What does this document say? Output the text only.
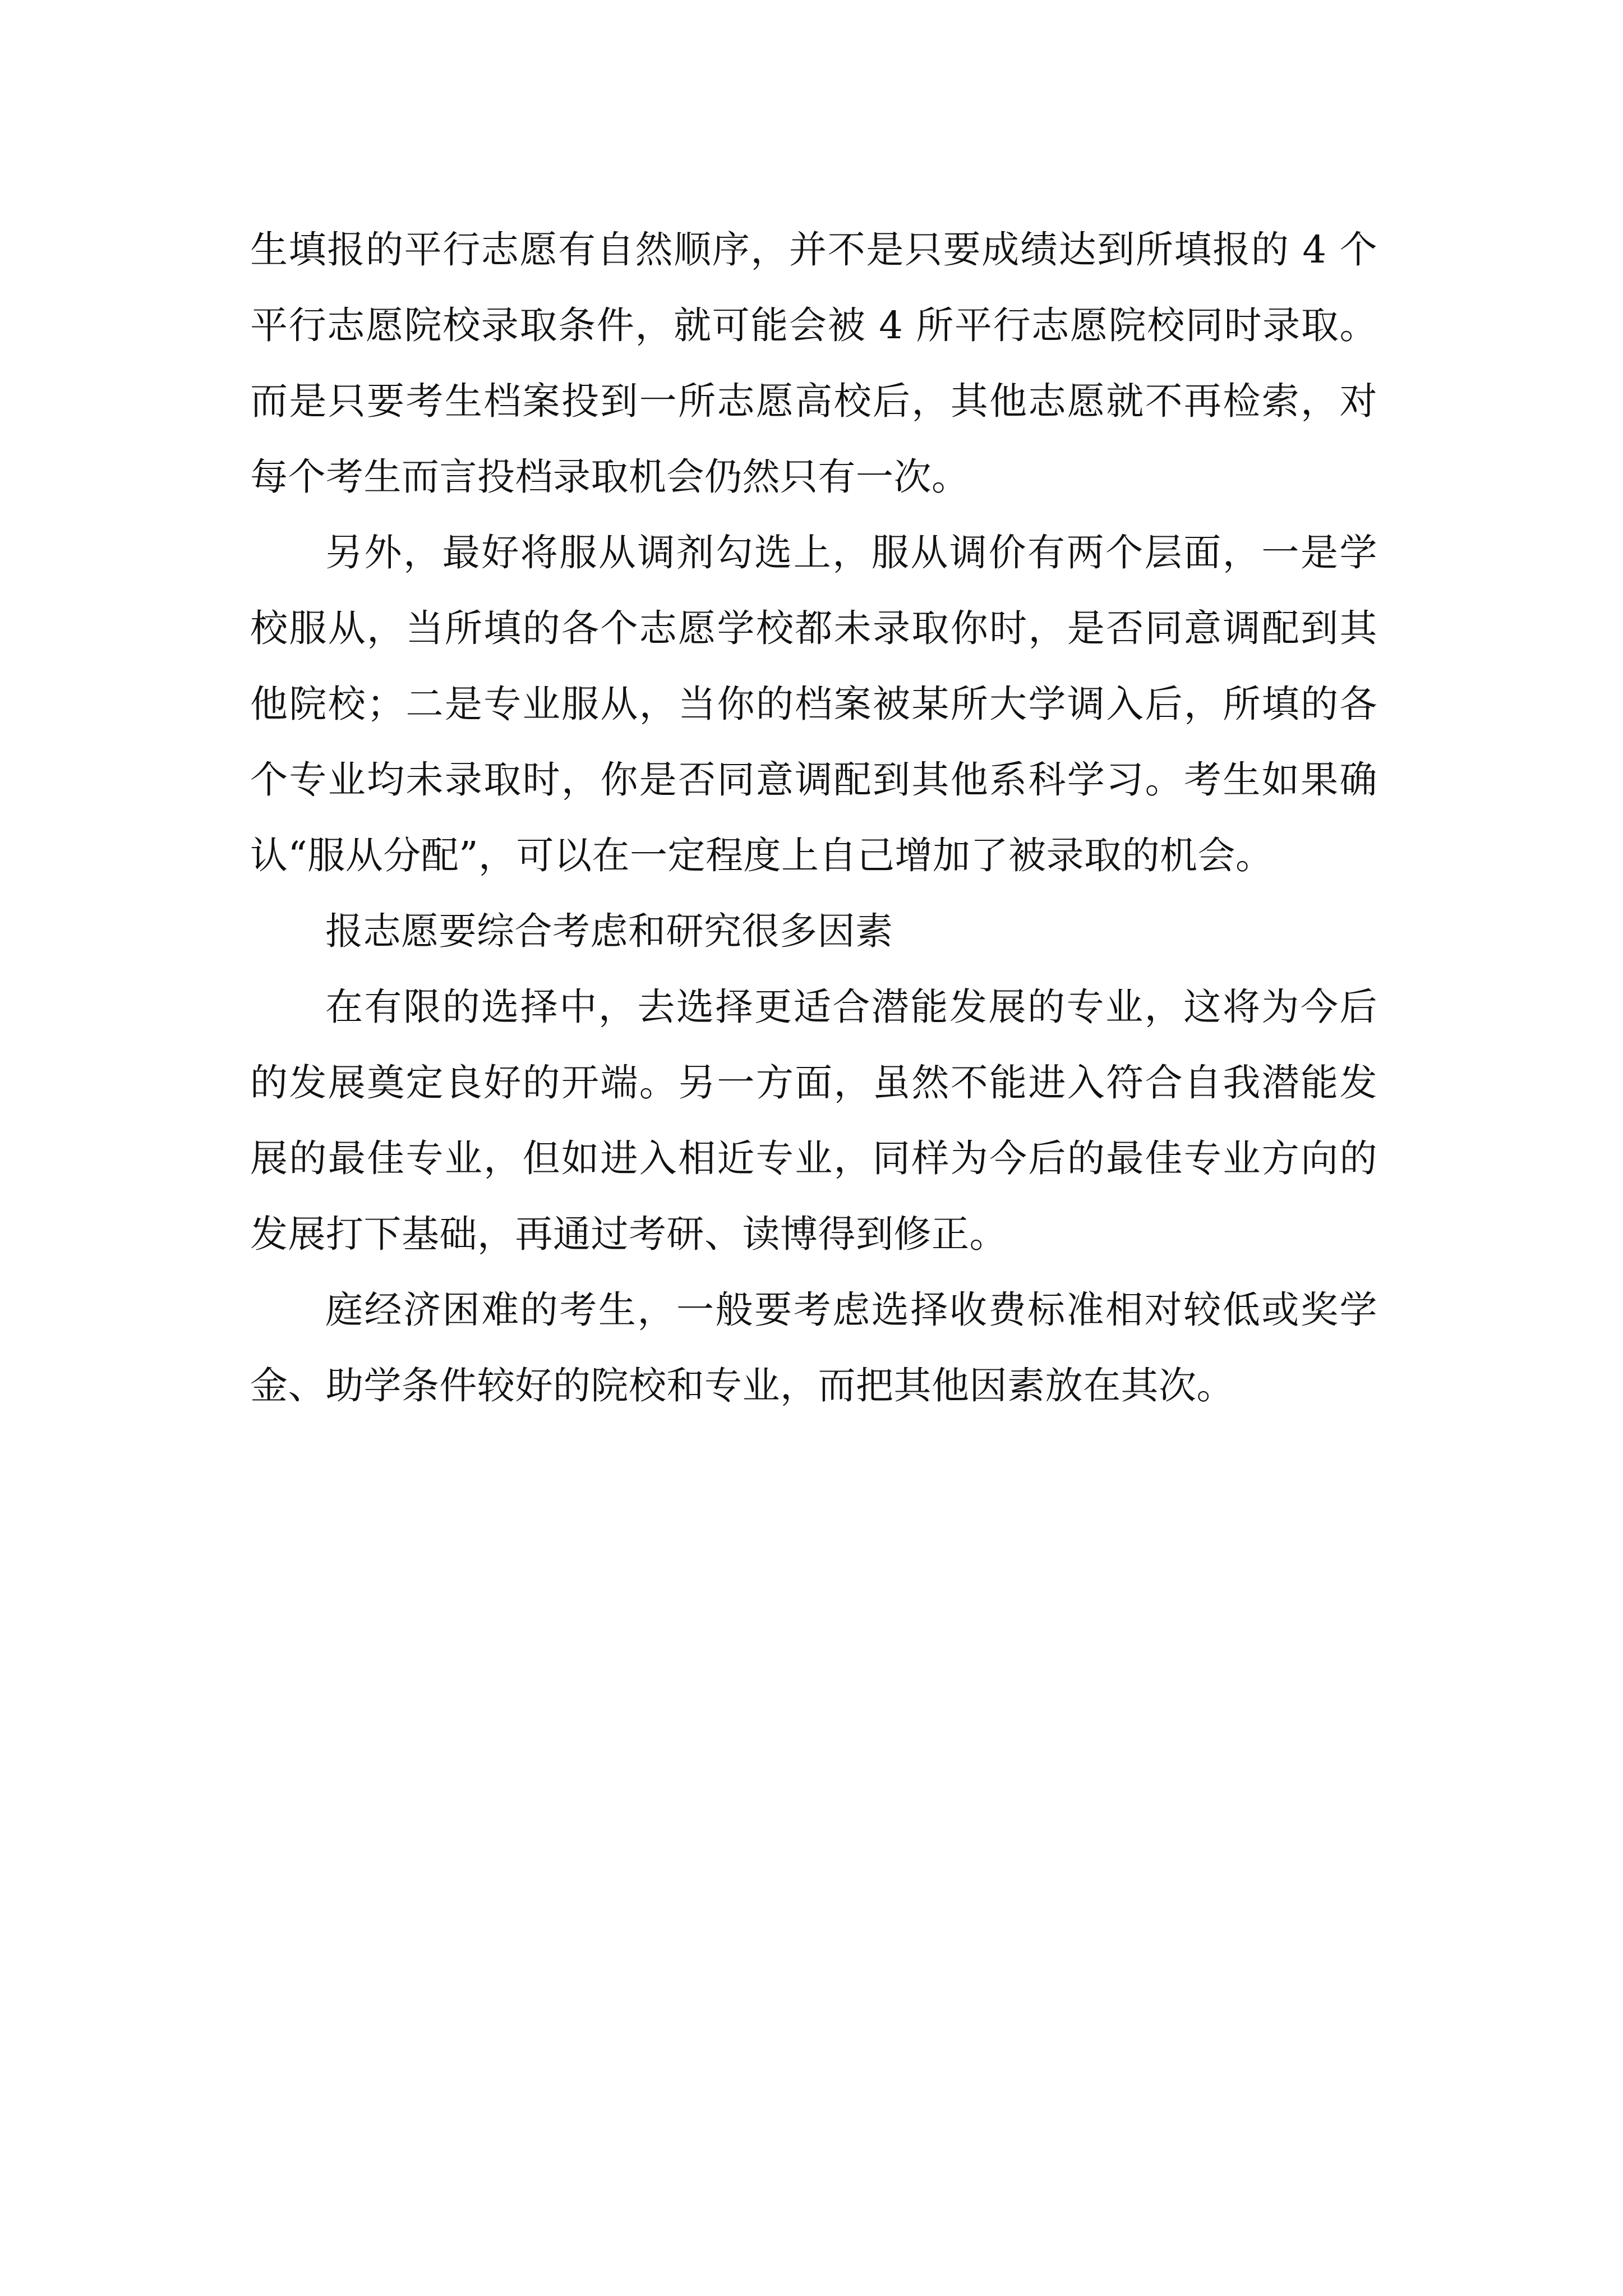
生填报的平行志愿有自然顺序，并不是只要成绩达到所填报的 4 个平行志愿院校录取条件，就可能会被 4 所平行志愿院校同时录取。而是只要考生档案投到一所志愿高校后，其他志愿就不再检索，对每个考生而言投档录取机会仍然只有一次。

另外，最好将服从调剂勾选上，服从调价有两个层面，一是学校服从，当所填的各个志愿学校都未录取你时，是否同意调配到其他院校；二是专业服从，当你的档案被某所大学调入后，所填的各个专业均未录取时，你是否同意调配到其他系科学习。考生如果确认“服从分配”，可以在一定程度上自己增加了被录取的机会。

报志愿要综合考虑和研究很多因素

在有限的选择中，去选择更适合潜能发展的专业，这将为今后的发展奠定良好的开端。另一方面，虽然不能进入符合自我潜能发展的最佳专业，但如进入相近专业，同样为今后的最佳专业方向的发展打下基础，再通过考研、读博得到修正。

庭经济困难的考生，一般要考虑选择收费标准相对较低或奖学金、助学条件较好的院校和专业，而把其他因素放在其次。
